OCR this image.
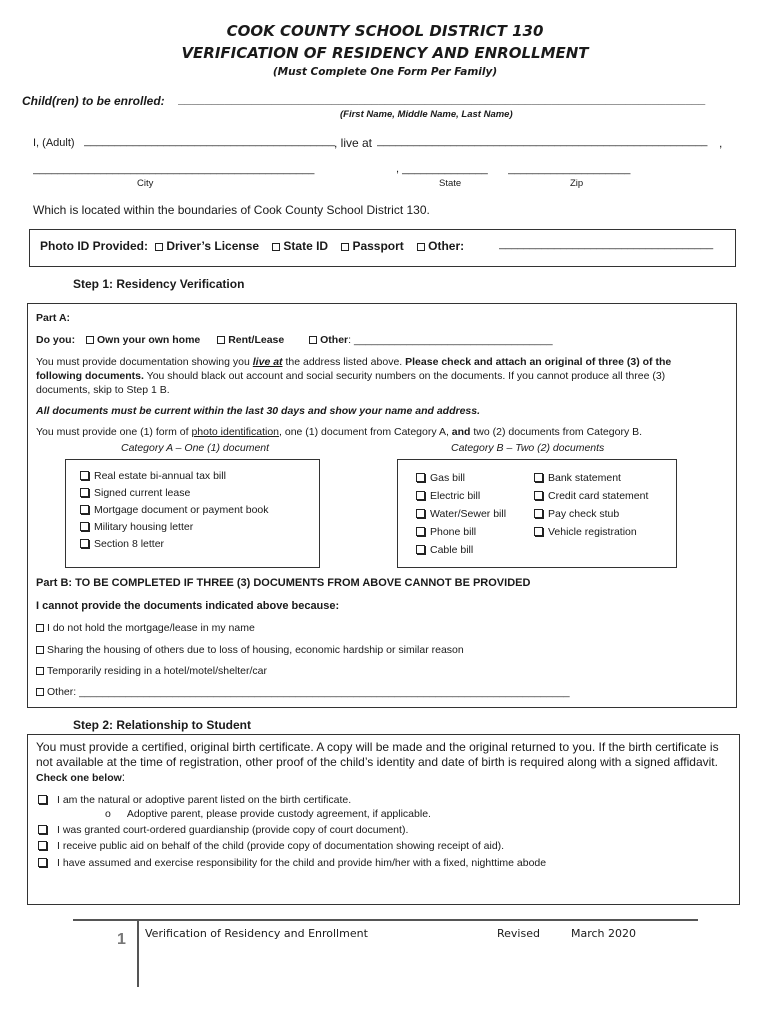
COOK COUNTY SCHOOL DISTRICT 130
VERIFICATION OF RESIDENCY AND ENROLLMENT
(Must Complete One Form Per Family)
Child(ren) to be enrolled: _______________________________________________________________________________
(First Name, Middle Name, Last Name)
I, (Adult) _________________________________________ , live at ______________________________________________________ ,
______________________________________________	, ______________ ____________________
City	State	Zip
Which is located within the boundaries of Cook County School District 130.
Photo ID Provided: Driver’s License State ID Passport Other:	___________________________________
Step 1: Residency Verification
Part A:
Do you: Own your own home	Rent/Lease	Other: __________________________________
You must provide documentation showing you live at the address listed above. Please check and attach an original of three (3) of the following documents. You should black out account and social security numbers on the documents. If you cannot produce all three (3) documents, skip to Step 1 B.
All documents must be current within the last 30 days and show your name and address.
You must provide one (1) form of photo identification, one (1) document from Category A, and two (2) documents from Category B.
Category A – One (1) document	Category B – Two (2) documents
Real estate bi-annual tax bill
Signed current lease
Mortgage document or payment book
Military housing letter
Section 8 letter
Gas bill
Electric bill
Water/Sewer bill
Phone bill
Cable bill
Bank statement
Credit card statement
Pay check stub
Vehicle registration
Part B: TO BE COMPLETED IF THREE (3) DOCUMENTS FROM ABOVE CANNOT BE PROVIDED
I cannot provide the documents indicated above because:
I do not hold the mortgage/lease in my name
Sharing the housing of others due to loss of housing, economic hardship or similar reason
Temporarily residing in a hotel/motel/shelter/car
Other: ____________________________________________________________________________________
Step 2: Relationship to Student
You must provide a certified, original birth certificate. A copy will be made and the original returned to you. If the birth certificate is not available at the time of registration, other proof of the child’s identity and date of birth is required along with a signed affidavit. Check one below:
I am the natural or adoptive parent listed on the birth certificate.
o Adoptive parent, please provide custody agreement, if applicable.
I was granted court-ordered guardianship (provide copy of court document).
I receive public aid on behalf of the child (provide copy of documentation showing receipt of aid).
I have assumed and exercise responsibility for the child and provide him/her with a fixed, nighttime abode
1 Verification of Residency and Enrollment	Revised	March 2020
